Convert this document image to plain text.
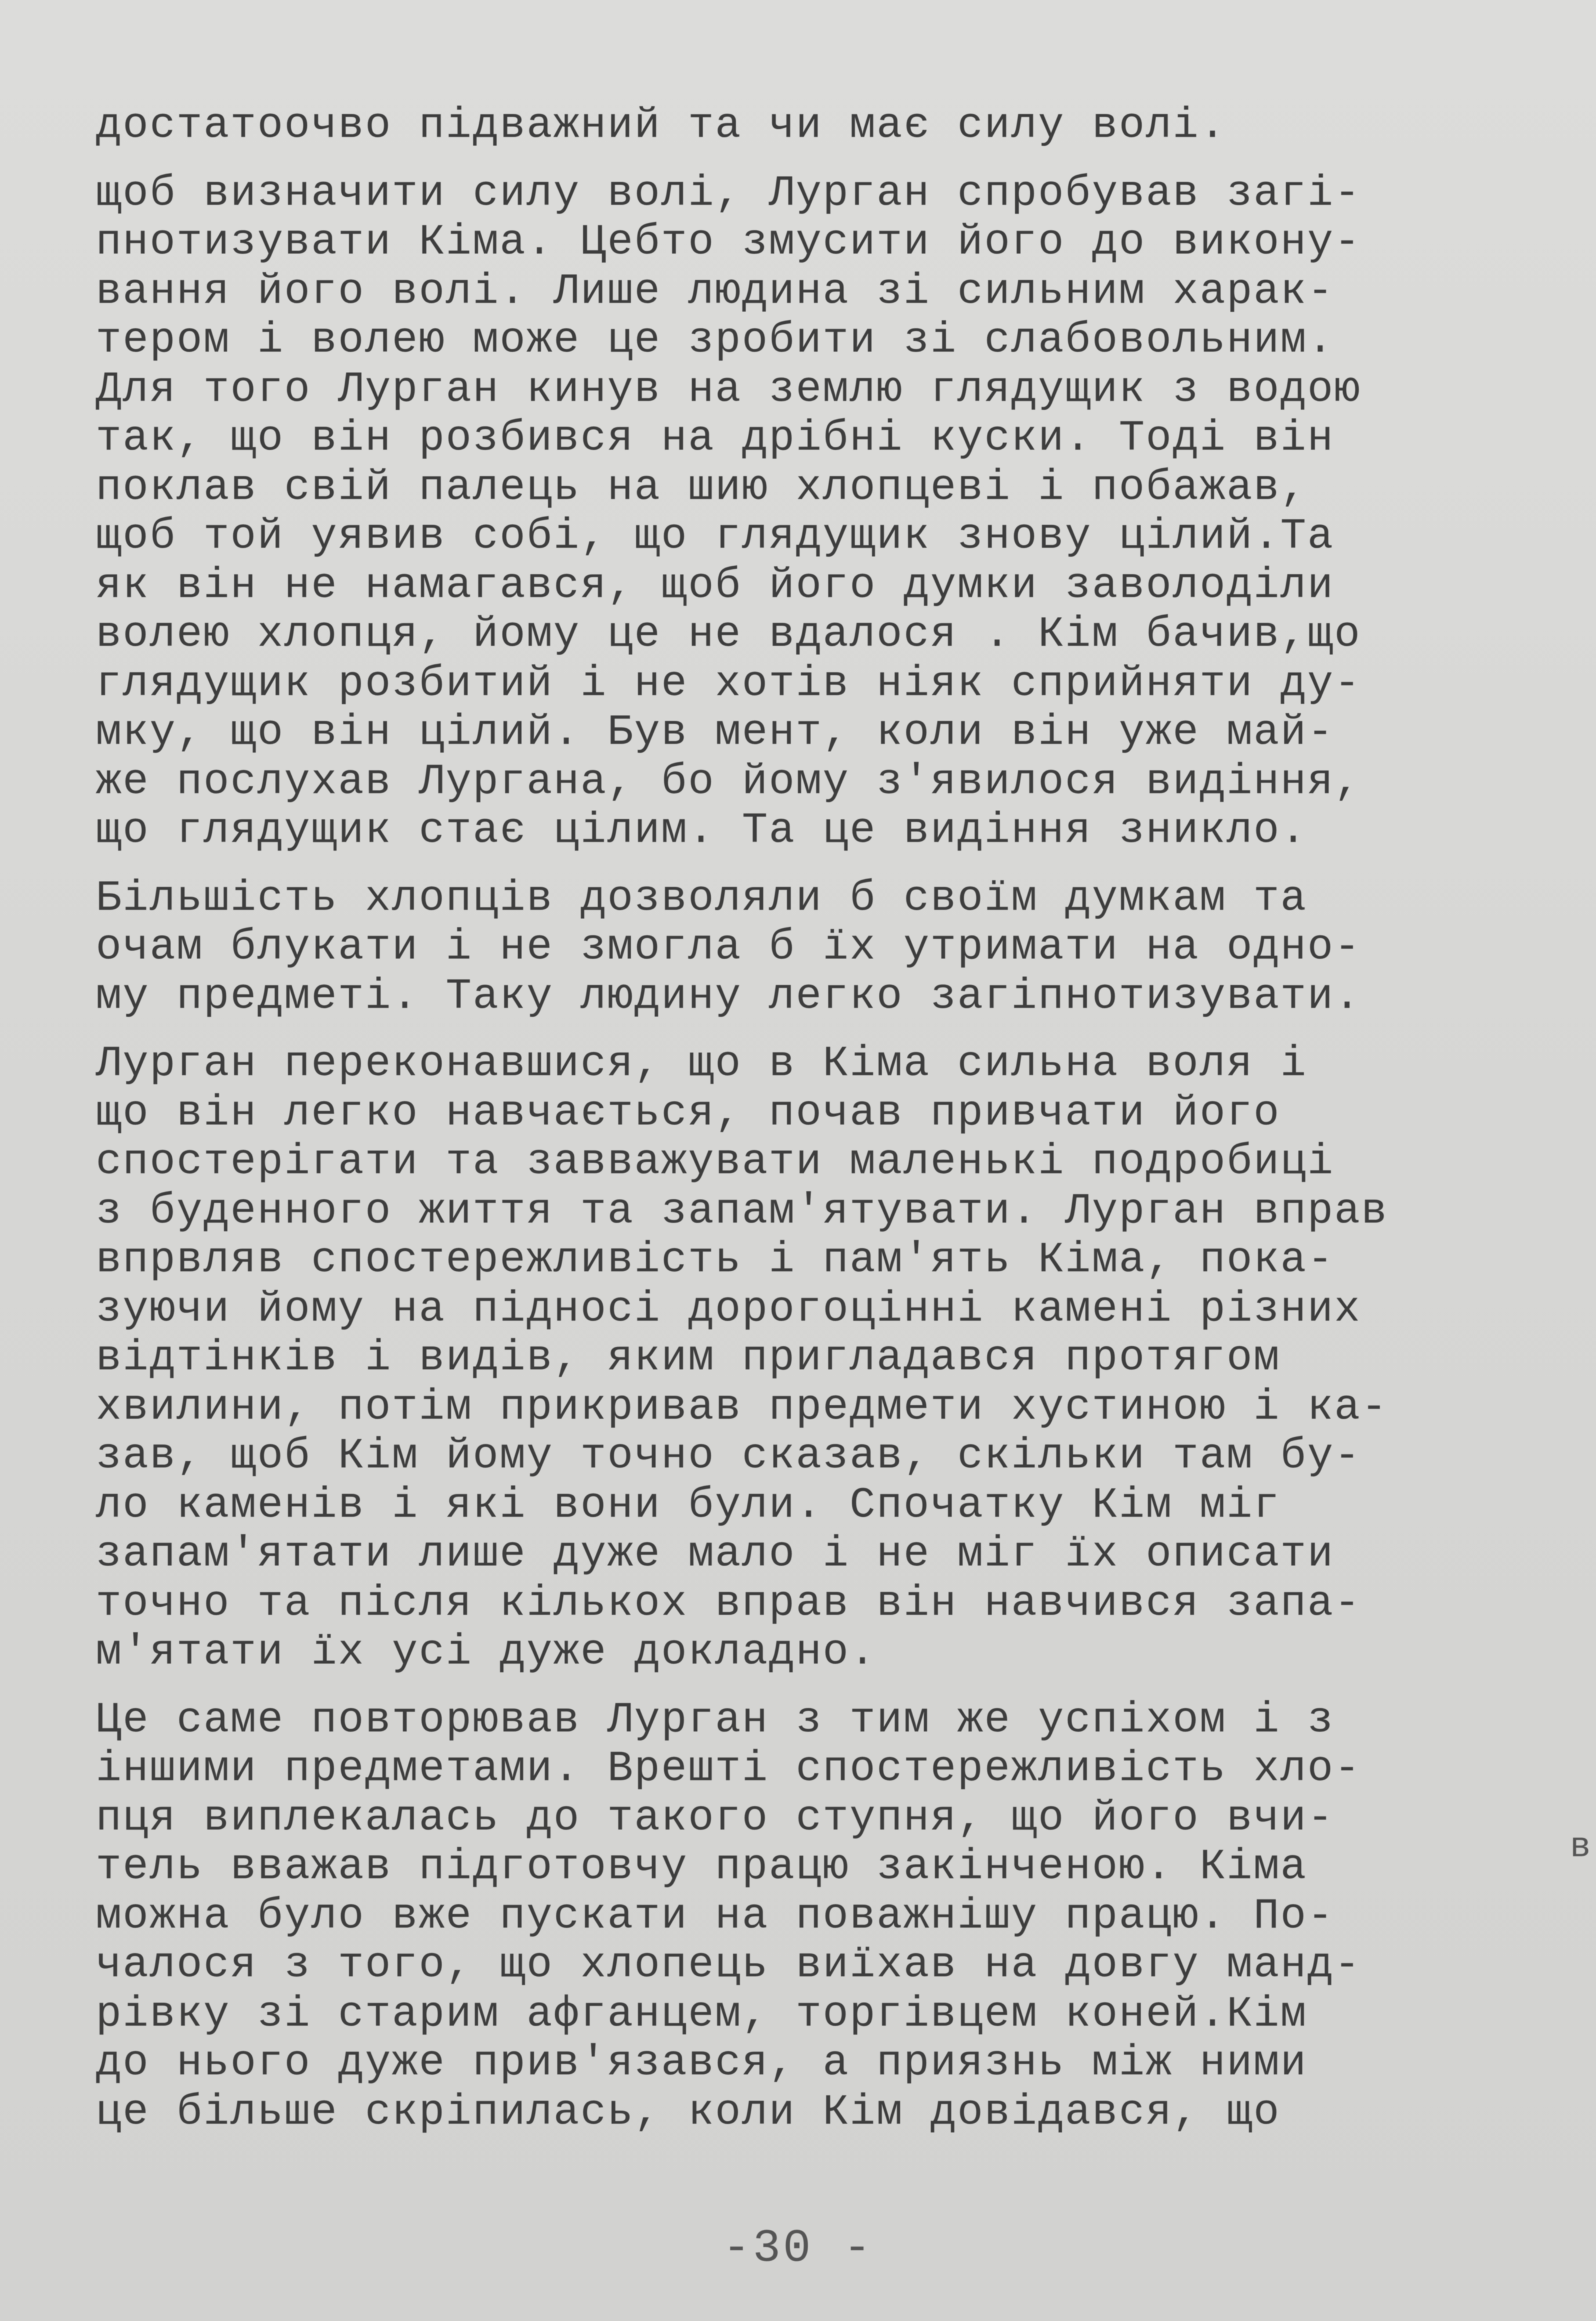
достатоочво підважний та чи має силу волі.
щоб визначити силу волі, Лурган спробував загі-
пнотизувати Кіма. Цебто змусити його до викону-
вання його волі. Лише людина зі сильним харак-
тером і волею може це зробити зі слабовольним.
Для того Лурган кинув на землю глядущик з водою
так, що він розбився на дрібні куски. Тоді він
поклав свій палець на шию хлопцеві і побажав,
щоб той уявив собі, що глядущик знову цілий.Та
як він не намагався, щоб його думки заволоділи
волею хлопця, йому це не вдалося . Кім бачив,що
глядущик розбитий і не хотів ніяк сприйняти ду-
мку, що він цілий. Був мент, коли він уже май-
же послухав Лургана, бо йому з'явилося видіння,
що глядущик стає цілим. Та це видіння зникло.
Більшість хлопців дозволяли б своїм думкам та
очам блукати і не змогла б їх утримати на одно-
му предметі. Таку людину легко загіпнотизувати.
Лурган переконавшися, що в Кіма сильна воля і
що він легко навчається, почав привчати його
спостерігати та завважувати маленькі подробиці
з буденного життя та запам'ятувати. Лурган вправ
впрвляв спостережливість і пам'ять Кіма, пока-
зуючи йому на підносі дорогоцінні камені різних
відтінків і видів, яким пригладався протягом
хвилини, потім прикривав предмети хустиною і ка-
зав, щоб Кім йому точно сказав, скільки там бу-
ло каменів і які вони були. Спочатку Кім міг
запам'ятати лише дуже мало і не міг їх описати
точно та після кількох вправ він навчився запа-
м'ятати їх усі дуже докладно.
Це саме повторював Лурган з тим же успіхом і з
іншими предметами. Врешті спостережливість хло-
пця виплекалась до такого ступня, що його вчи-
тель вважав підготовчу працю закінченою. Кіма
можна було вже пускати на поважнішу працю. По-
чалося з того, що хлопець виїхав на довгу манд-
рівку зі старим афганцем, торгівцем коней.Кім
до нього дуже прив'язався, а приязнь між ними
це більше скріпилась, коли Кім довідався, що
в
-30 -
